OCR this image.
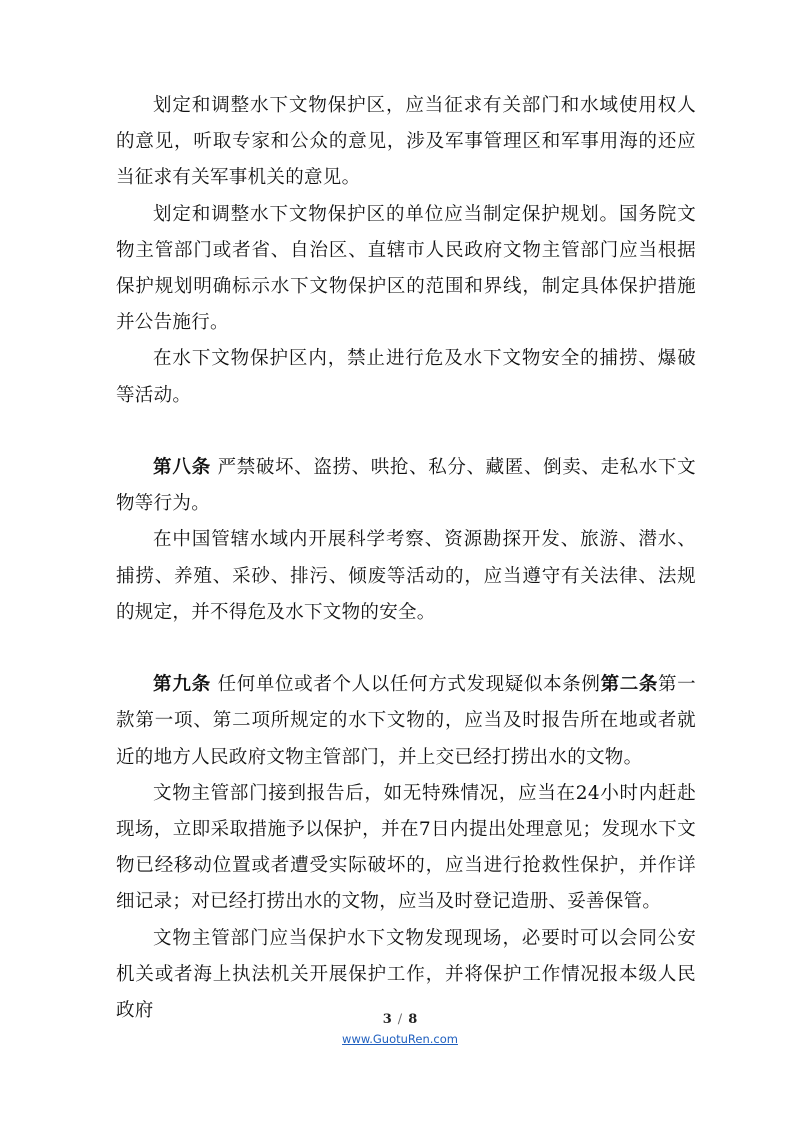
划定和调整水下文物保护区，应当征求有关部门和水域使用权人的意见，听取专家和公众的意见，涉及军事管理区和军事用海的还应当征求有关军事机关的意见。

划定和调整水下文物保护区的单位应当制定保护规划。国务院文物主管部门或者省、自治区、直辖市人民政府文物主管部门应当根据保护规划明确标示水下文物保护区的范围和界线，制定具体保护措施并公告施行。

在水下文物保护区内，禁止进行危及水下文物安全的捕捞、爆破等活动。

第八条 严禁破坏、盗捞、哄抢、私分、藏匿、倒卖、走私水下文物等行为。

在中国管辖水域内开展科学考察、资源勘探开发、旅游、潜水、捕捞、养殖、采砂、排污、倾废等活动的，应当遵守有关法律、法规的规定，并不得危及水下文物的安全。

第九条 任何单位或者个人以任何方式发现疑似本条例第二条第一款第一项、第二项所规定的水下文物的，应当及时报告所在地或者就近的地方人民政府文物主管部门，并上交已经打捞出水的文物。

文物主管部门接到报告后，如无特殊情况，应当在24小时内赶赴现场，立即采取措施予以保护，并在7日内提出处理意见；发现水下文物已经移动位置或者遭受实际破坏的，应当进行抢救性保护，并作详细记录；对已经打捞出水的文物，应当及时登记造册、妥善保管。

文物主管部门应当保护水下文物发现现场，必要时可以会同公安机关或者海上执法机关开展保护工作，并将保护工作情况报本级人民政府	3 / 8
www.GuotuRen.com
